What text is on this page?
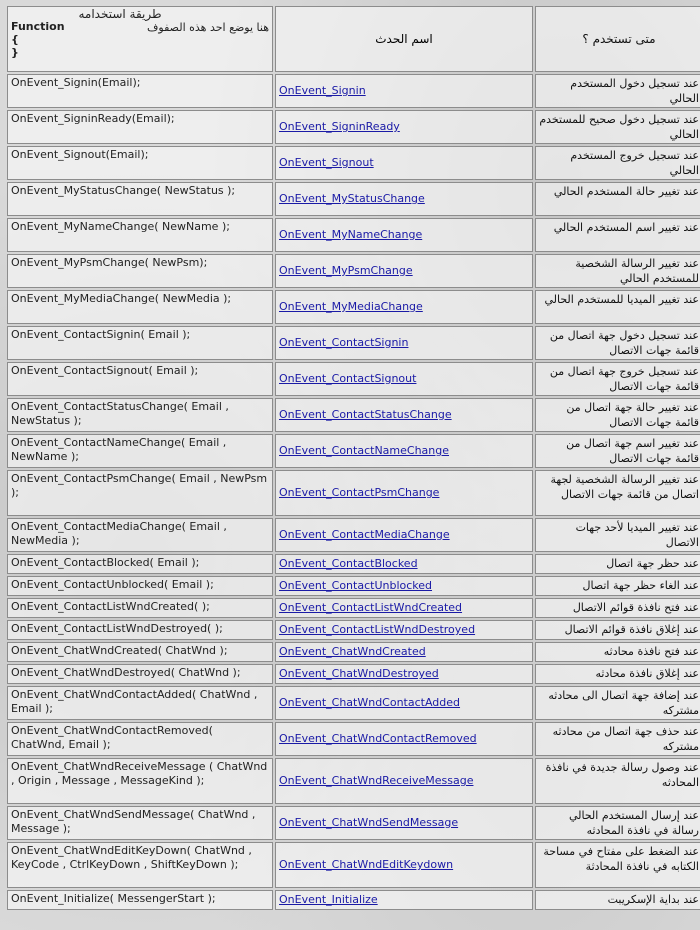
طريقة استخدامه
هنا يوضع احد هذه الصفوف
Function
{
}	اسم الحدث	متى تستخدم ؟
OnEvent_Signin(Email);	OnEvent_Signin	عند تسجيل دخول المستخدم الحالي
OnEvent_SigninReady(Email);	OnEvent_SigninReady	عند تسجيل دخول صحيح للمستخدم الحالي
OnEvent_Signout(Email);	OnEvent_Signout	عند تسجيل خروج المستخدم الحالي
OnEvent_MyStatusChange( NewStatus );	OnEvent_MyStatusChange	عند تغيير حالة المستخدم الحالي
OnEvent_MyNameChange( NewName );	OnEvent_MyNameChange	عند تغيير اسم المستخدم الحالي
OnEvent_MyPsmChange( NewPsm);	OnEvent_MyPsmChange	عند تغيير الرسالة الشخصية للمستخدم الحالي
OnEvent_MyMediaChange( NewMedia );	OnEvent_MyMediaChange	عند تغيير الميديا للمستخدم الحالي
OnEvent_ContactSignin( Email );	OnEvent_ContactSignin	عند تسجيل دخول جهة اتصال من قائمة جهات الاتصال
OnEvent_ContactSignout( Email );	OnEvent_ContactSignout	عند تسجيل خروج جهة اتصال من قائمة جهات الاتصال
OnEvent_ContactStatusChange( Email , NewStatus );	OnEvent_ContactStatusChange	عند تغيير حالة جهة اتصال من قائمة جهات الاتصال
OnEvent_ContactNameChange( Email , NewName );	OnEvent_ContactNameChange	عند تغيير اسم جهة اتصال من قائمة جهات الاتصال
OnEvent_ContactPsmChange( Email , NewPsm );	OnEvent_ContactPsmChange	عند تغيير الرسالة الشخصية لجهة اتصال من قائمة جهات الاتصال
OnEvent_ContactMediaChange( Email , NewMedia );	OnEvent_ContactMediaChange	عند تغيير الميديا لأحد جهات الاتصال
OnEvent_ContactBlocked( Email );	OnEvent_ContactBlocked	عند حظر جهة اتصال
OnEvent_ContactUnblocked( Email );	OnEvent_ContactUnblocked	عند الغاء حظر جهة اتصال
OnEvent_ContactListWndCreated( );	OnEvent_ContactListWndCreated	عند فتح نافذة قوائم الاتصال
OnEvent_ContactListWndDestroyed( );	OnEvent_ContactListWndDestroyed	عند إغلاق نافذة قوائم الاتصال
OnEvent_ChatWndCreated( ChatWnd );	OnEvent_ChatWndCreated	عند فتح نافذة محادثه
OnEvent_ChatWndDestroyed( ChatWnd );	OnEvent_ChatWndDestroyed	عند إغلاق نافذة محادثه
OnEvent_ChatWndContactAdded( ChatWnd , Email );	OnEvent_ChatWndContactAdded	عند إضافة جهة اتصال الى محادثه مشتركه
OnEvent_ChatWndContactRemoved( ChatWnd, Email );	OnEvent_ChatWndContactRemoved	عند حذف جهة اتصال من محادثه مشتركه
OnEvent_ChatWndReceiveMessage ( ChatWnd , Origin , Message , MessageKind );	OnEvent_ChatWndReceiveMessage	عند وصول رسالة جديدة في نافذة المحادثه
OnEvent_ChatWndSendMessage( ChatWnd , Message );	OnEvent_ChatWndSendMessage	عند إرسال المستخدم الحالي رسالة في نافذة المحادثه
OnEvent_ChatWndEditKeyDown( ChatWnd , KeyCode , CtrlKeyDown , ShiftKeyDown );	OnEvent_ChatWndEditKeydown	عند الضغط على مفتاح في مساحة الكتابه في نافذة المحادثة
OnEvent_Initialize( MessengerStart );	OnEvent_Initialize	عند بداية الإسكريبت
